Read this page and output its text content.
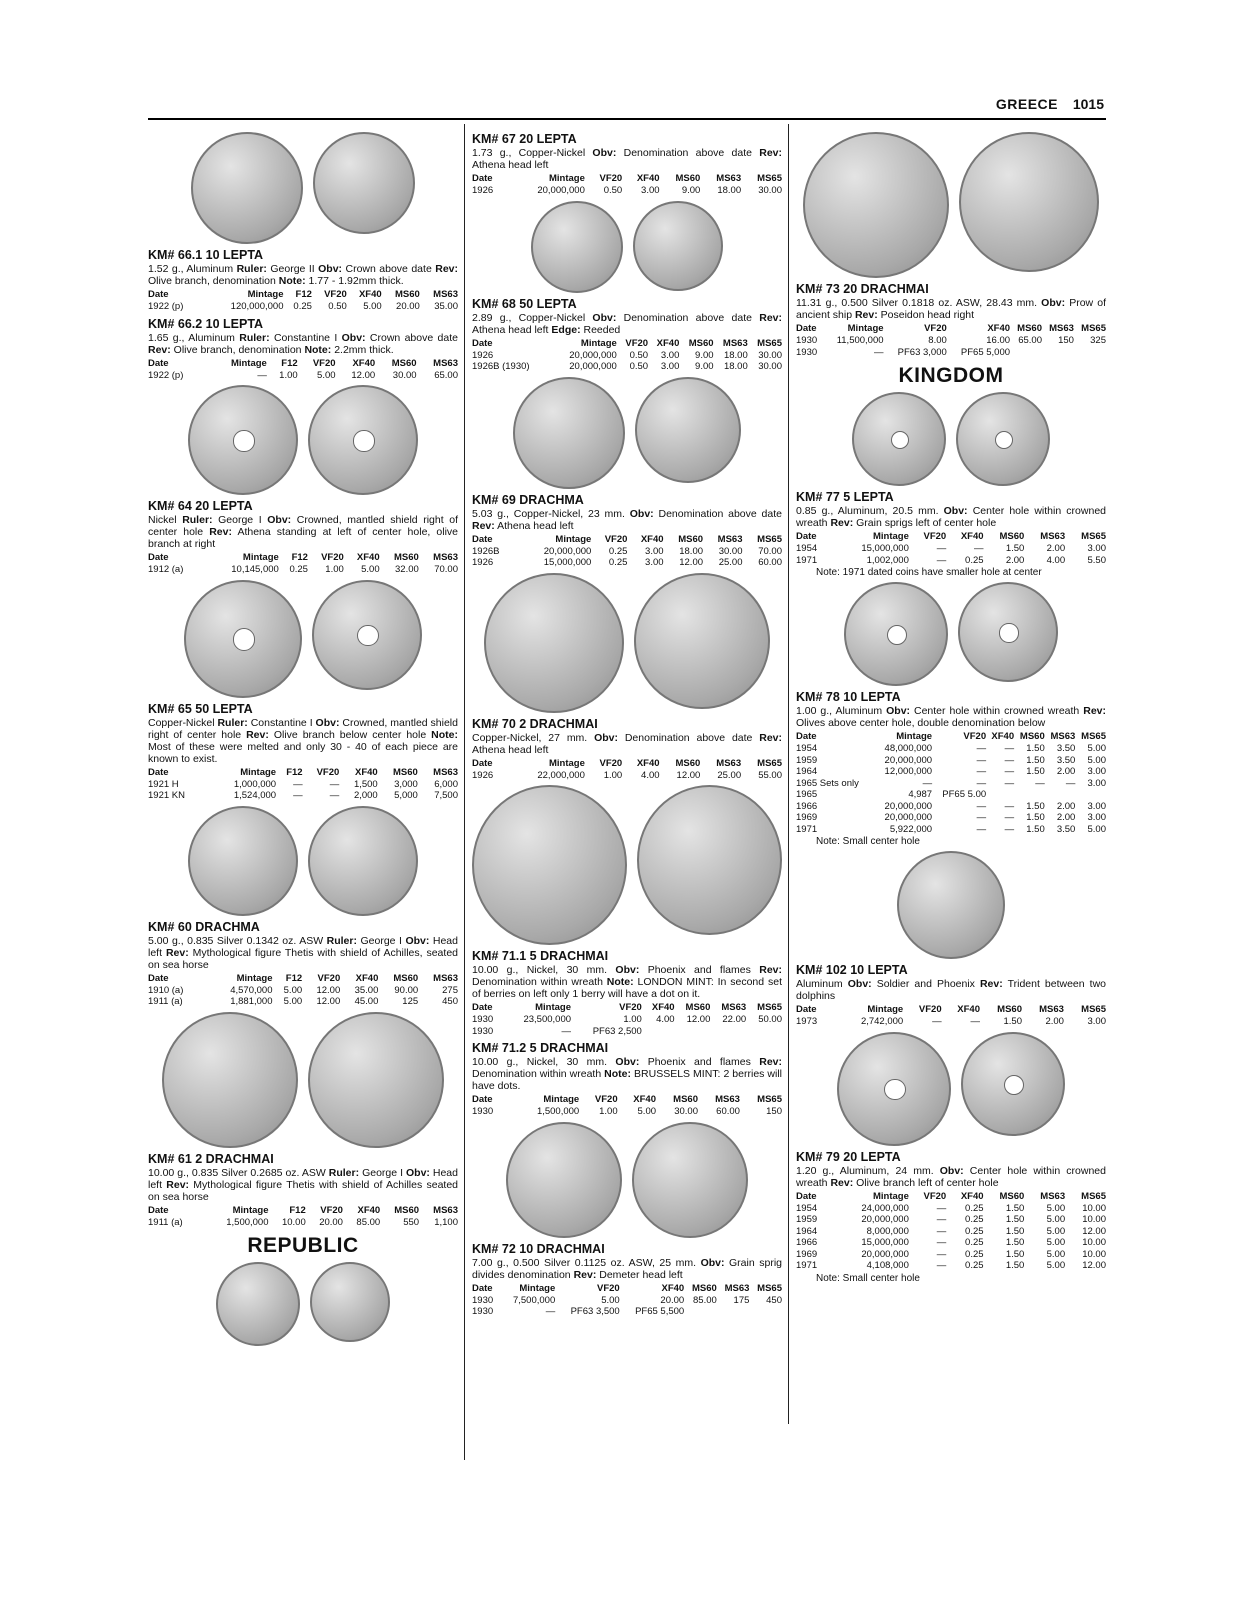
GREECE 1015
KM# 66.1 10 LEPTA
1.52 g., Aluminum Ruler: George II Obv: Crown above date Rev: Olive branch, denomination Note: 1.77 - 1.92mm thick.
Date	Mintage	F12	VF20	XF40	MS60	MS63
1922 (p)	120,000,000	0.25	0.50	5.00	20.00	35.00
KM# 66.2 10 LEPTA
1.65 g., Aluminum Ruler: Constantine I Obv: Crown above date Rev: Olive branch, denomination Note: 2.2mm thick.
Date	Mintage	F12	VF20	XF40	MS60	MS63
1922 (p)	—	1.00	5.00	12.00	30.00	65.00
KM# 64 20 LEPTA
Nickel Ruler: George I Obv: Crowned, mantled shield right of center hole Rev: Athena standing at left of center hole, olive branch at right
Date	Mintage	F12	VF20	XF40	MS60	MS63
1912 (a)	10,145,000	0.25	1.00	5.00	32.00	70.00
KM# 65 50 LEPTA
Copper-Nickel Ruler: Constantine I Obv: Crowned, mantled shield right of center hole Rev: Olive branch below center hole Note: Most of these were melted and only 30 - 40 of each piece are known to exist.
Date	Mintage	F12	VF20	XF40	MS60	MS63
1921 H	1,000,000	—	—	1,500	3,000	6,000
1921 KN	1,524,000	—	—	2,000	5,000	7,500
KM# 60 DRACHMA
5.00 g., 0.835 Silver 0.1342 oz. ASW Ruler: George I Obv: Head left Rev: Mythological figure Thetis with shield of Achilles, seated on sea horse
Date	Mintage	F12	VF20	XF40	MS60	MS63
1910 (a)	4,570,000	5.00	12.00	35.00	90.00	275
1911 (a)	1,881,000	5.00	12.00	45.00	125	450
KM# 61 2 DRACHMAI
10.00 g., 0.835 Silver 0.2685 oz. ASW Ruler: George I Obv: Head left Rev: Mythological figure Thetis with shield of Achilles seated on sea horse
Date	Mintage	F12	VF20	XF40	MS60	MS63
1911 (a)	1,500,000	10.00	20.00	85.00	550	1,100
REPUBLIC
KM# 67 20 LEPTA
1.73 g., Copper-Nickel Obv: Denomination above date Rev: Athena head left
Date	Mintage	VF20	XF40	MS60	MS63	MS65
1926	20,000,000	0.50	3.00	9.00	18.00	30.00
KM# 68 50 LEPTA
2.89 g., Copper-Nickel Obv: Denomination above date Rev: Athena head left Edge: Reeded
Date	Mintage	VF20	XF40	MS60	MS63	MS65
1926	20,000,000	0.50	3.00	9.00	18.00	30.00
1926B (1930)	20,000,000	0.50	3.00	9.00	18.00	30.00
KM# 69 DRACHMA
5.03 g., Copper-Nickel, 23 mm. Obv: Denomination above date Rev: Athena head left
Date	Mintage	VF20	XF40	MS60	MS63	MS65
1926B	20,000,000	0.25	3.00	18.00	30.00	70.00
1926	15,000,000	0.25	3.00	12.00	25.00	60.00
KM# 70 2 DRACHMAI
Copper-Nickel, 27 mm. Obv: Denomination above date Rev: Athena head left
Date	Mintage	VF20	XF40	MS60	MS63	MS65
1926	22,000,000	1.00	4.00	12.00	25.00	55.00
KM# 71.1 5 DRACHMAI
10.00 g., Nickel, 30 mm. Obv: Phoenix and flames Rev: Denomination within wreath Note: LONDON MINT: In second set of berries on left only 1 berry will have a dot on it.
Date	Mintage	VF20	XF40	MS60	MS63	MS65
1930	23,500,000	1.00	4.00	12.00	22.00	50.00
1930	—	PF63 2,500				
KM# 71.2 5 DRACHMAI
10.00 g., Nickel, 30 mm. Obv: Phoenix and flames Rev: Denomination within wreath Note: BRUSSELS MINT: 2 berries will have dots.
Date	Mintage	VF20	XF40	MS60	MS63	MS65
1930	1,500,000	1.00	5.00	30.00	60.00	150
KM# 72 10 DRACHMAI
7.00 g., 0.500 Silver 0.1125 oz. ASW, 25 mm. Obv: Grain sprig divides denomination Rev: Demeter head left
Date	Mintage	VF20	XF40	MS60	MS63	MS65
1930	7,500,000	5.00	20.00	85.00	175	450
1930	—	PF63 3,500	PF65 5,500			
KM# 73 20 DRACHMAI
11.31 g., 0.500 Silver 0.1818 oz. ASW, 28.43 mm. Obv: Prow of ancient ship Rev: Poseidon head right
Date	Mintage	VF20	XF40	MS60	MS63	MS65
1930	11,500,000	8.00	16.00	65.00	150	325
1930	—	PF63 3,000	PF65 5,000			
KINGDOM
KM# 77 5 LEPTA
0.85 g., Aluminum, 20.5 mm. Obv: Center hole within crowned wreath Rev: Grain sprigs left of center hole
Date	Mintage	VF20	XF40	MS60	MS63	MS65
1954	15,000,000	—	—	1.50	2.00	3.00
1971	1,002,000	—	0.25	2.00	4.00	5.50
Note: 1971 dated coins have smaller hole at center
KM# 78 10 LEPTA
1.00 g., Aluminum Obv: Center hole within crowned wreath Rev: Olives above center hole, double denomination below
Date	Mintage	VF20	XF40	MS60	MS63	MS65
1954	48,000,000	—	—	1.50	3.50	5.00
1959	20,000,000	—	—	1.50	3.50	5.00
1964	12,000,000	—	—	1.50	2.00	3.00
1965 Sets only	—	—	—	—	—	3.00
1965	4,987	PF65 5.00				
1966	20,000,000	—	—	1.50	2.00	3.00
1969	20,000,000	—	—	1.50	2.00	3.00
1971	5,922,000	—	—	1.50	3.50	5.00
Note: Small center hole
KM# 102 10 LEPTA
Aluminum Obv: Soldier and Phoenix Rev: Trident between two dolphins
Date	Mintage	VF20	XF40	MS60	MS63	MS65
1973	2,742,000	—	—	1.50	2.00	3.00
KM# 79 20 LEPTA
1.20 g., Aluminum, 24 mm. Obv: Center hole within crowned wreath Rev: Olive branch left of center hole
Date	Mintage	VF20	XF40	MS60	MS63	MS65
1954	24,000,000	—	0.25	1.50	5.00	10.00
1959	20,000,000	—	0.25	1.50	5.00	10.00
1964	8,000,000	—	0.25	1.50	5.00	12.00
1966	15,000,000	—	0.25	1.50	5.00	10.00
1969	20,000,000	—	0.25	1.50	5.00	10.00
1971	4,108,000	—	0.25	1.50	5.00	12.00
Note: Small center hole
